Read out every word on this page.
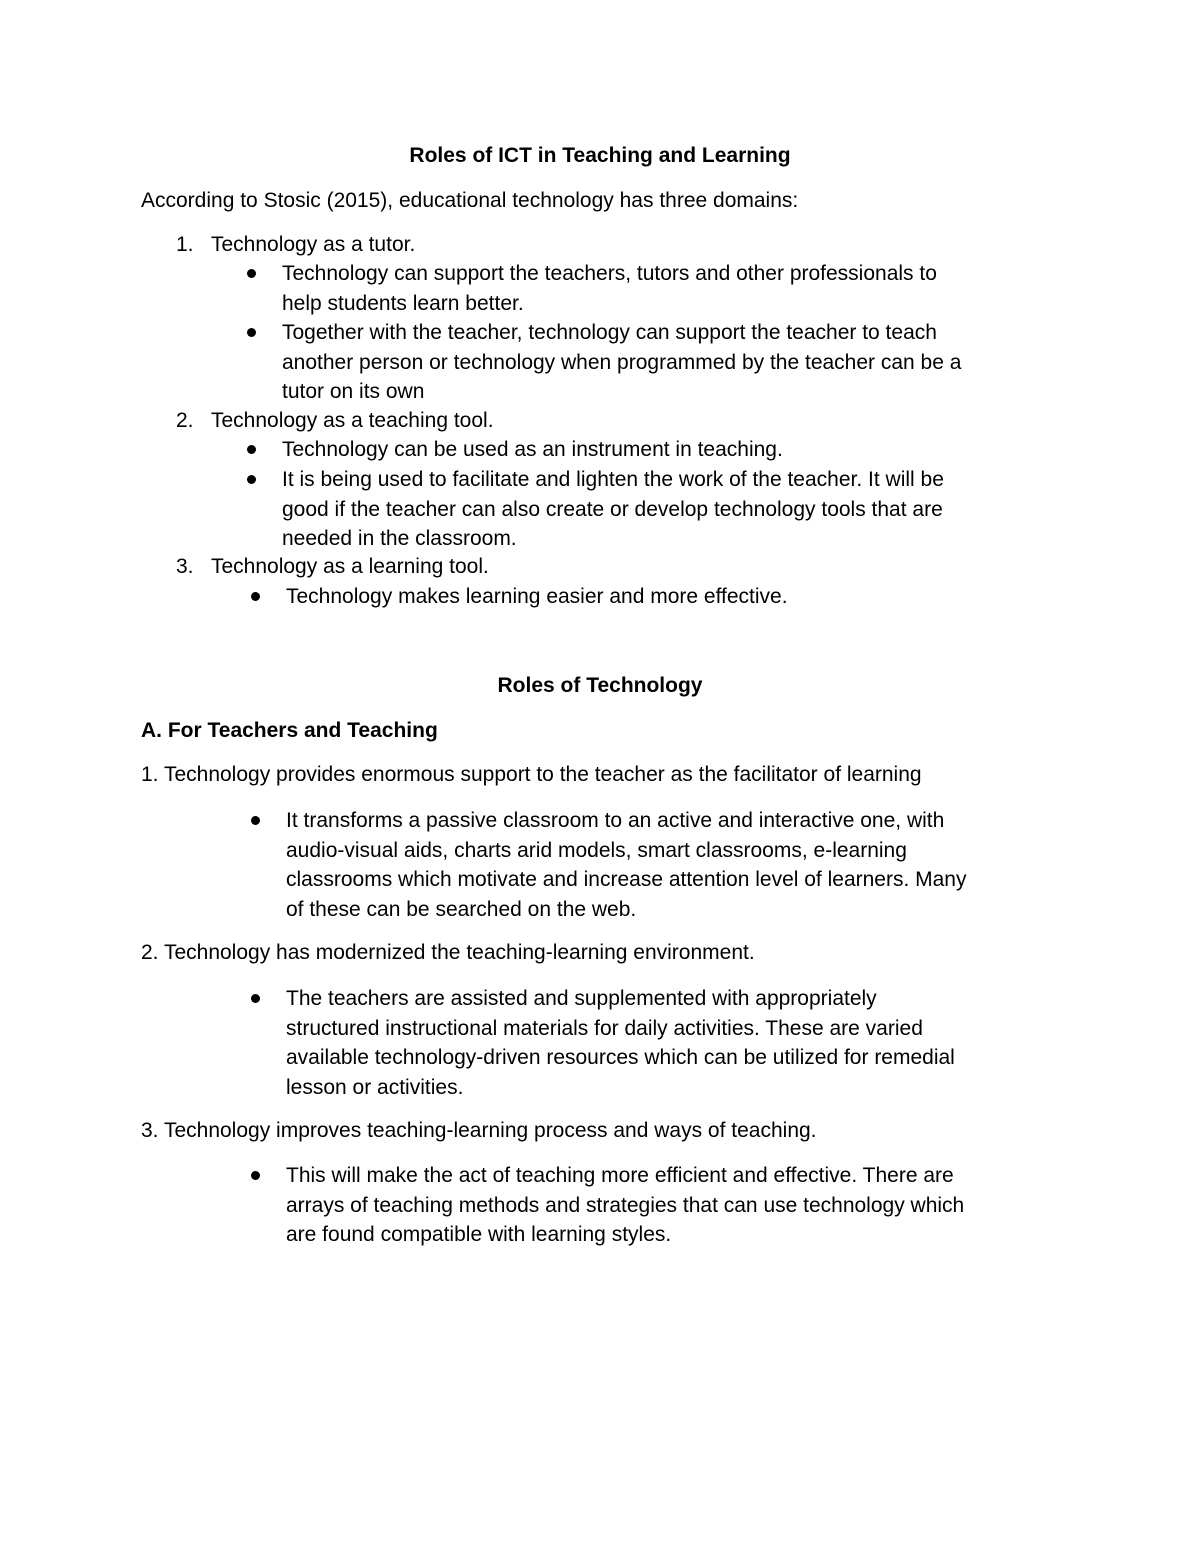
Roles of ICT in Teaching and Learning

According to Stosic (2015), educational technology has three domains:

1. Technology as a tutor.

Technology can support the teachers, tutors and other professionals to
help students learn better.
Together with the teacher, technology can support the teacher to teach
another person or technology when programmed by the teacher can be a
tutor on its own

2. Technology as a teaching tool.

Technology can be used as an instrument in teaching.
It is being used to facilitate and lighten the work of the teacher. It will be
good if the teacher can also create or develop technology tools that are
needed in the classroom.

3. Technology as a learning tool.

Technology makes learning easier and more effective.
Roles of Technology
A. For Teachers and Teaching

1. Technology provides enormous support to the teacher as the facilitator of learning

It transforms a passive classroom to an active and interactive one, with
audio-visual aids, charts arid models, smart classrooms, e-learning
classrooms which motivate and increase attention level of learners. Many
of these can be searched on the web.

2. Technology has modernized the teaching-learning environment.

The teachers are assisted and supplemented with appropriately
structured instructional materials for daily activities. These are varied
available technology-driven resources which can be utilized for remedial
lesson or activities.

3. Technology improves teaching-learning process and ways of teaching.

This will make the act of teaching more efficient and effective. There are
arrays of teaching methods and strategies that can use technology which
are found compatible with learning styles.
